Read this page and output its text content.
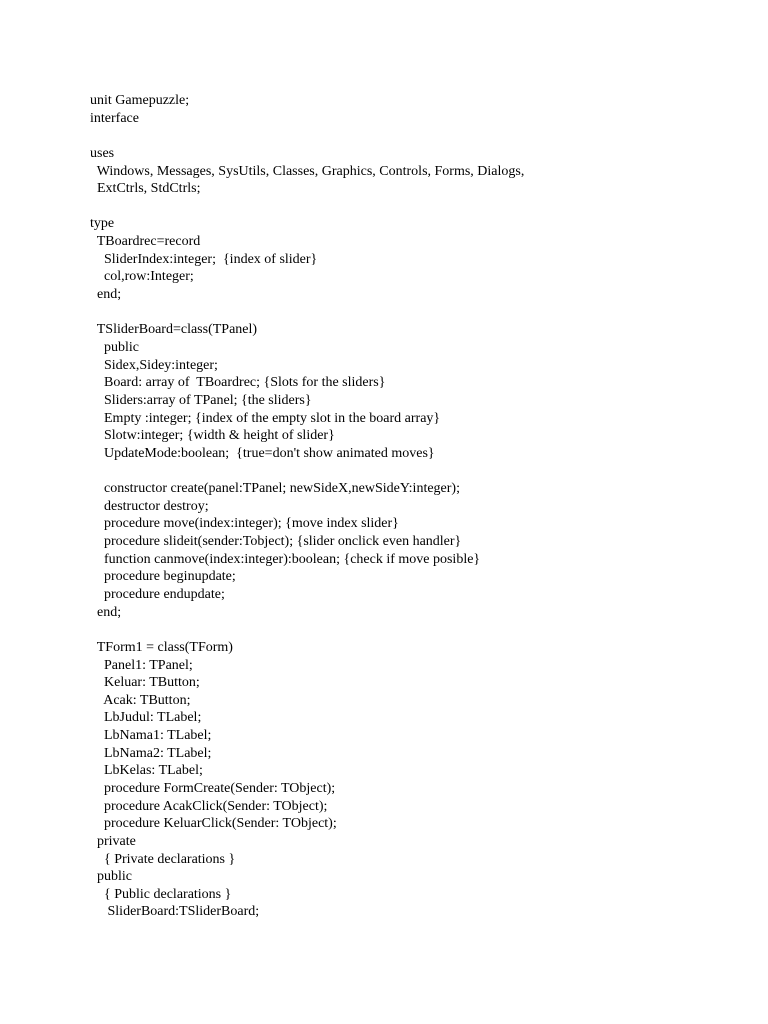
unit Gamepuzzle;
interface
uses
Windows, Messages, SysUtils, Classes, Graphics, Controls, Forms, Dialogs,
ExtCtrls, StdCtrls;
type
TBoardrec=record
SliderIndex:integer;  {index of slider}
col,row:Integer;
end;
TSliderBoard=class(TPanel)
public
Sidex,Sidey:integer;
Board: array of  TBoardrec; {Slots for the sliders}
Sliders:array of TPanel; {the sliders}
Empty :integer; {index of the empty slot in the board array}
Slotw:integer; {width & height of slider}
UpdateMode:boolean;  {true=don't show animated moves}
constructor create(panel:TPanel; newSideX,newSideY:integer);
destructor destroy;
procedure move(index:integer); {move index slider}
procedure slideit(sender:Tobject); {slider onclick even handler}
function canmove(index:integer):boolean; {check if move posible}
procedure beginupdate;
procedure endupdate;
end;
TForm1 = class(TForm)
Panel1: TPanel;
Keluar: TButton;
Acak: TButton;
LbJudul: TLabel;
LbNama1: TLabel;
LbNama2: TLabel;
LbKelas: TLabel;
procedure FormCreate(Sender: TObject);
procedure AcakClick(Sender: TObject);
procedure KeluarClick(Sender: TObject);
private
{ Private declarations }
public
{ Public declarations }
SliderBoard:TSliderBoard;
